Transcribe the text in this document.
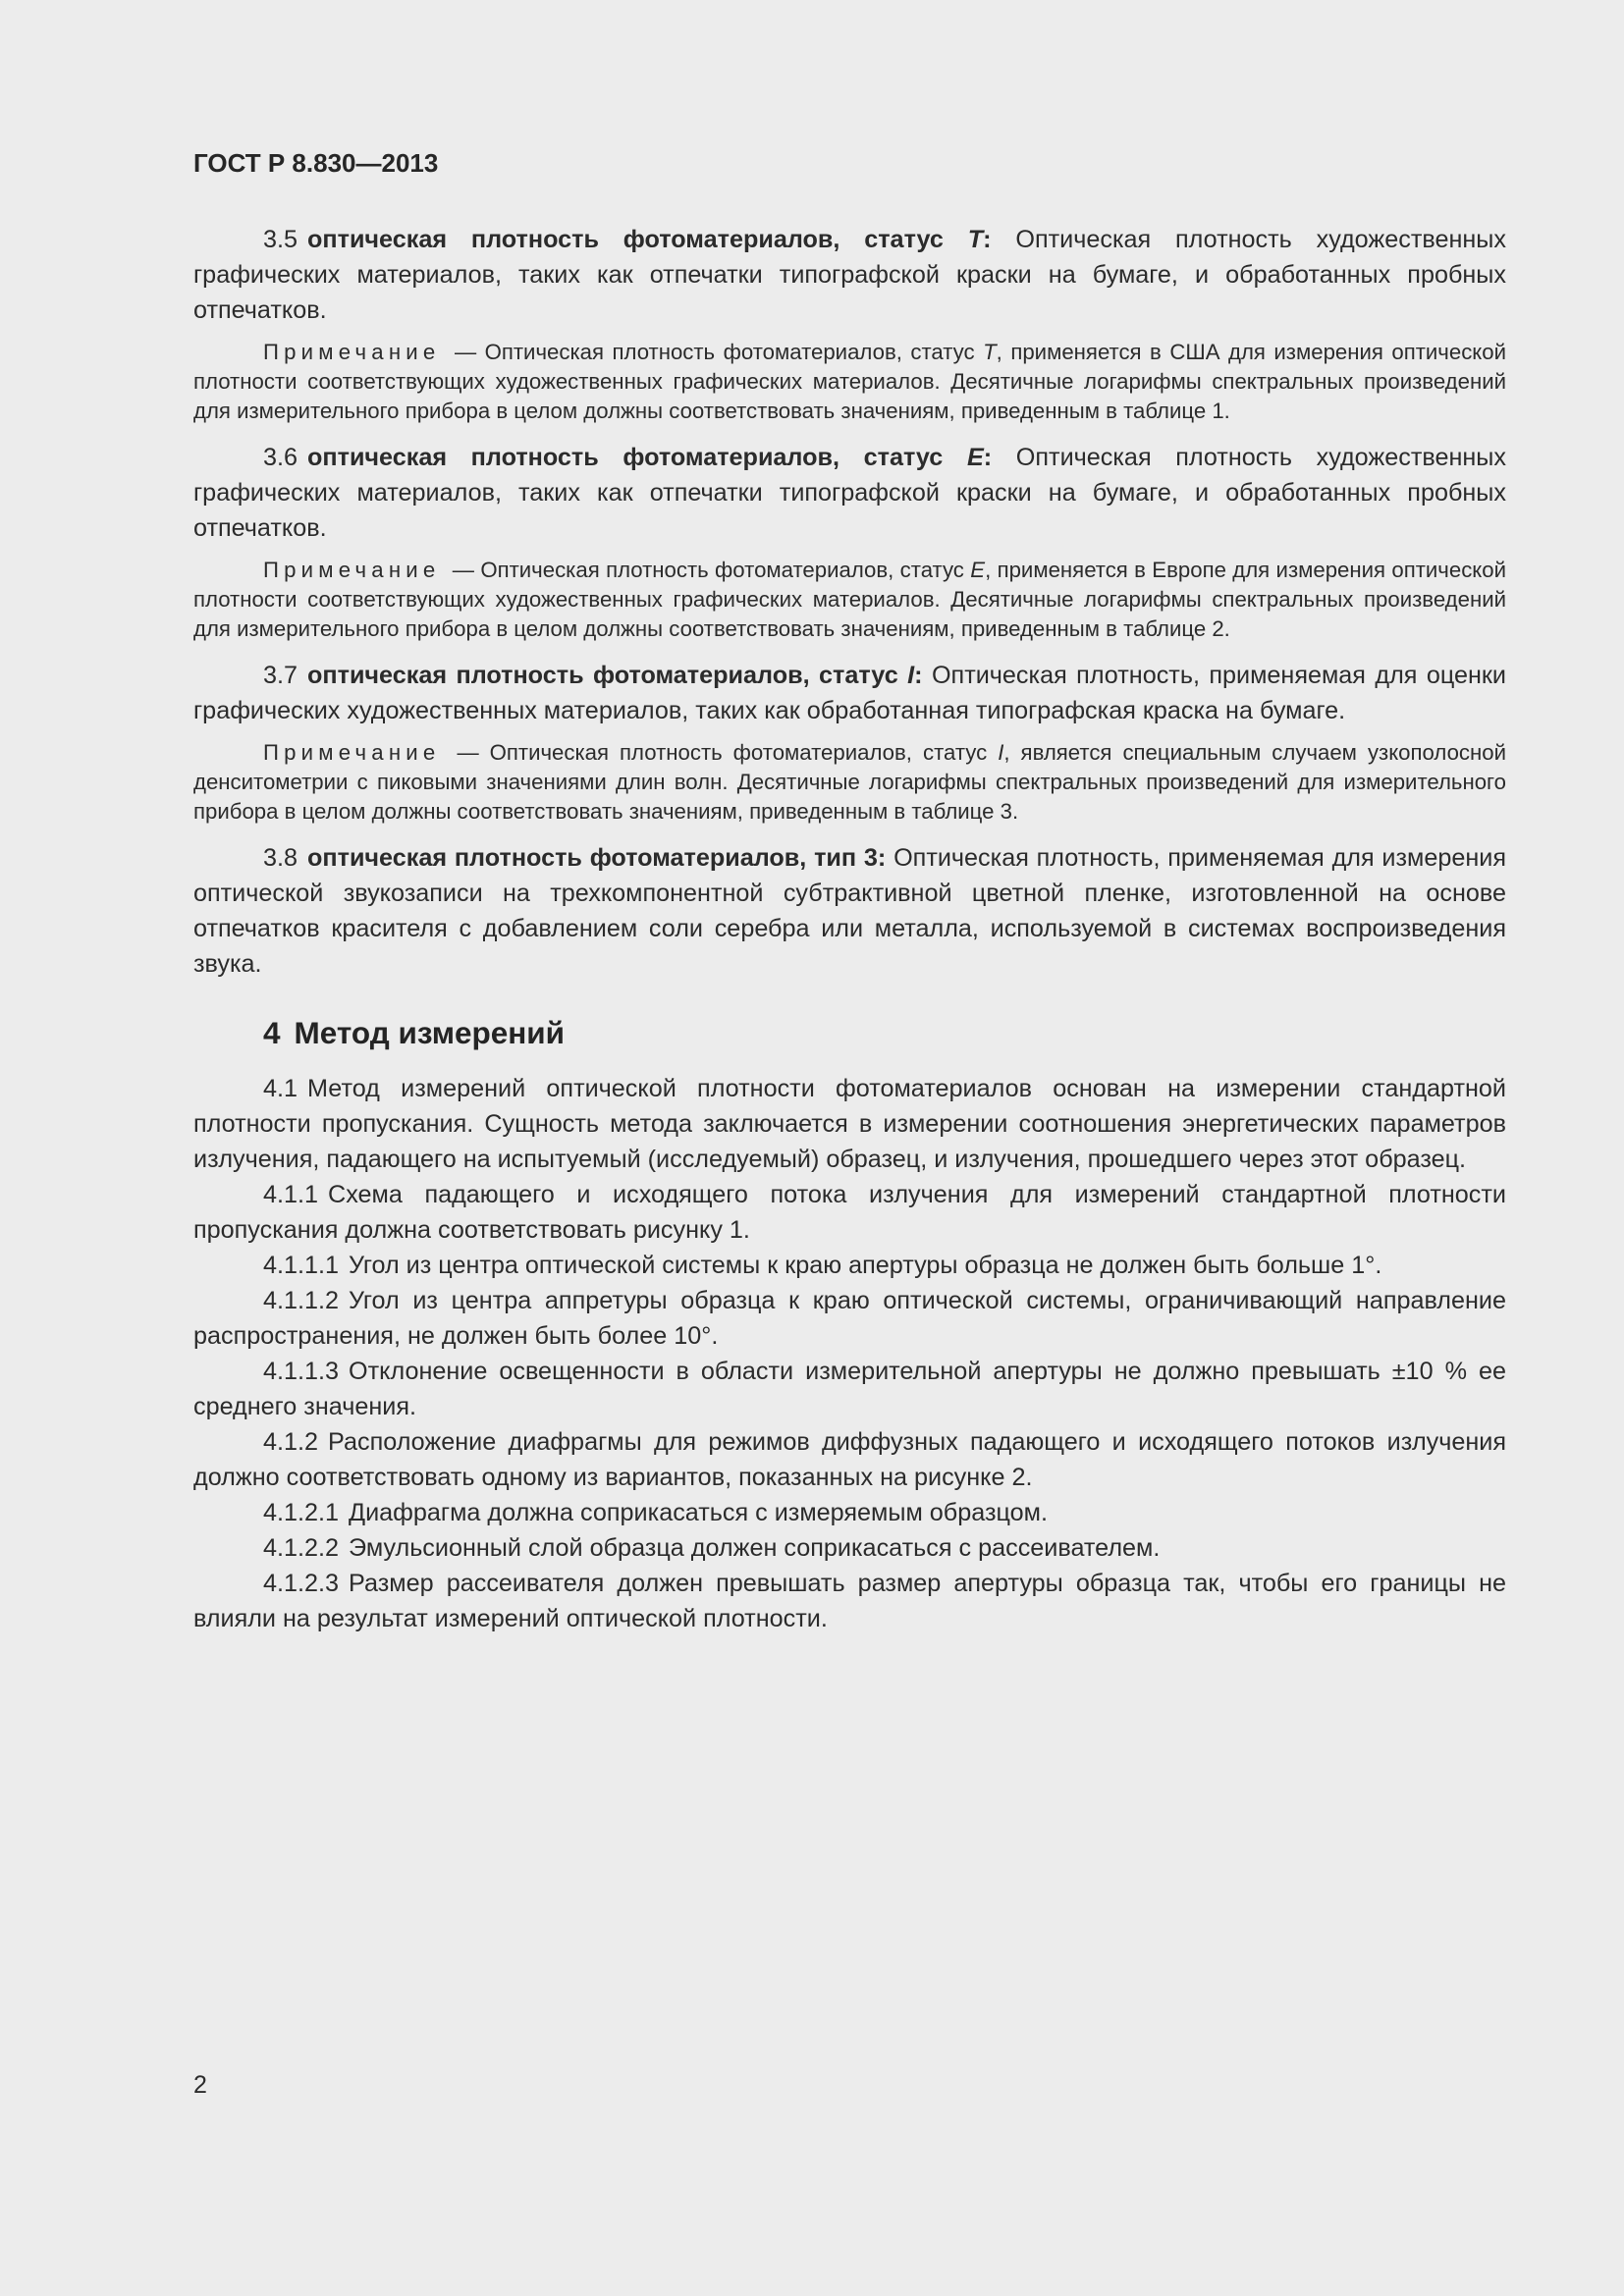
ГОСТ Р 8.830—2013

3.5 оптическая плотность фотоматериалов, статус T: Оптическая плотность художественных графических материалов, таких как отпечатки типографской краски на бумаге, и обработанных пробных отпечатков.

Примечание — Оптическая плотность фотоматериалов, статус T, применяется в США для измерения оптической плотности соответствующих художественных графических материалов. Десятичные логарифмы спектральных произведений для измерительного прибора в целом должны соответствовать значениям, приведенным в таблице 1.

3.6 оптическая плотность фотоматериалов, статус E: Оптическая плотность художественных графических материалов, таких как отпечатки типографской краски на бумаге, и обработанных пробных отпечатков.

Примечание — Оптическая плотность фотоматериалов, статус E, применяется в Европе для измерения оптической плотности соответствующих художественных графических материалов. Десятичные логарифмы спектральных произведений для измерительного прибора в целом должны соответствовать значениям, приведенным в таблице 2.

3.7 оптическая плотность фотоматериалов, статус I: Оптическая плотность, применяемая для оценки графических художественных материалов, таких как обработанная типографская краска на бумаге.

Примечание — Оптическая плотность фотоматериалов, статус I, является специальным случаем узкополосной денситометрии с пиковыми значениями длин волн. Десятичные логарифмы спектральных произведений для измерительного прибора в целом должны соответствовать значениям, приведенным в таблице 3.

3.8 оптическая плотность фотоматериалов, тип 3: Оптическая плотность, применяемая для измерения оптической звукозаписи на трехкомпонентной субтрактивной цветной пленке, изготовленной на основе отпечатков красителя с добавлением соли серебра или металла, используемой в системах воспроизведения звука.

4 Метод измерений

4.1 Метод измерений оптической плотности фотоматериалов основан на измерении стандартной плотности пропускания. Сущность метода заключается в измерении соотношения энергетических параметров излучения, падающего на испытуемый (исследуемый) образец, и излучения, прошедшего через этот образец.

4.1.1 Схема падающего и исходящего потока излучения для измерений стандартной плотности пропускания должна соответствовать рисунку 1.

4.1.1.1 Угол из центра оптической системы к краю апертуры образца не должен быть больше 1°.

4.1.1.2 Угол из центра аппретуры образца к краю оптической системы, ограничивающий направление распространения, не должен быть более 10°.

4.1.1.3 Отклонение освещенности в области измерительной апертуры не должно превышать ±10 % ее среднего значения.

4.1.2 Расположение диафрагмы для режимов диффузных падающего и исходящего потоков излучения должно соответствовать одному из вариантов, показанных на рисунке 2.

4.1.2.1 Диафрагма должна соприкасаться с измеряемым образцом.

4.1.2.2 Эмульсионный слой образца должен соприкасаться с рассеивателем.

4.1.2.3 Размер рассеивателя должен превышать размер апертуры образца так, чтобы его границы не влияли на результат измерений оптической плотности.

2
